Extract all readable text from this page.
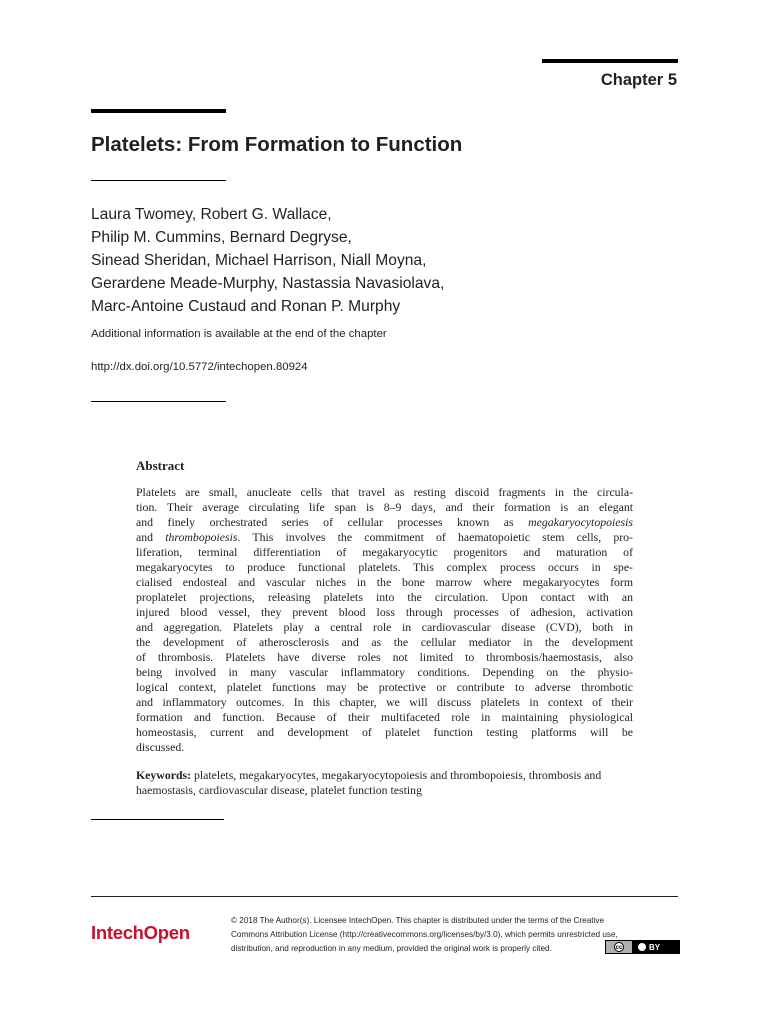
Chapter 5
Platelets: From Formation to Function
Laura Twomey, Robert G. Wallace,
Philip M. Cummins, Bernard Degryse,
Sinead Sheridan, Michael Harrison, Niall Moyna,
Gerardene Meade-Murphy, Nastassia Navasiolava,
Marc-Antoine Custaud and Ronan P. Murphy
Additional information is available at the end of the chapter
http://dx.doi.org/10.5772/intechopen.80924
Abstract
Platelets are small, anucleate cells that travel as resting discoid fragments in the circula-
tion. Their average circulating life span is 8–9 days, and their formation is an elegant
and finely orchestrated series of cellular processes known as megakaryocytopoiesis
and thrombopoiesis. This involves the commitment of haematopoietic stem cells, pro-
liferation, terminal differentiation of megakaryocytic progenitors and maturation of
megakaryocytes to produce functional platelets. This complex process occurs in spe-
cialised endosteal and vascular niches in the bone marrow where megakaryocytes form
proplatelet projections, releasing platelets into the circulation. Upon contact with an
injured blood vessel, they prevent blood loss through processes of adhesion, activation
and aggregation. Platelets play a central role in cardiovascular disease (CVD), both in
the development of atherosclerosis and as the cellular mediator in the development
of thrombosis. Platelets have diverse roles not limited to thrombosis/haemostasis, also
being involved in many vascular inflammatory conditions. Depending on the physio-
logical context, platelet functions may be protective or contribute to adverse thrombotic
and inflammatory outcomes. In this chapter, we will discuss platelets in context of their
formation and function. Because of their multifaceted role in maintaining physiological
homeostasis, current and development of platelet function testing platforms will be
discussed.

Keywords: platelets, megakaryocytes, megakaryocytopoiesis and thrombopoiesis, thrombosis and haemostasis, cardiovascular disease, platelet function testing

IntechOpen
© 2018 The Author(s). Licensee IntechOpen. This chapter is distributed under the terms of the Creative
Commons Attribution License (http://creativecommons.org/licenses/by/3.0), which permits unrestricted use,
distribution, and reproduction in any medium, provided the original work is properly cited.	cc	BY
